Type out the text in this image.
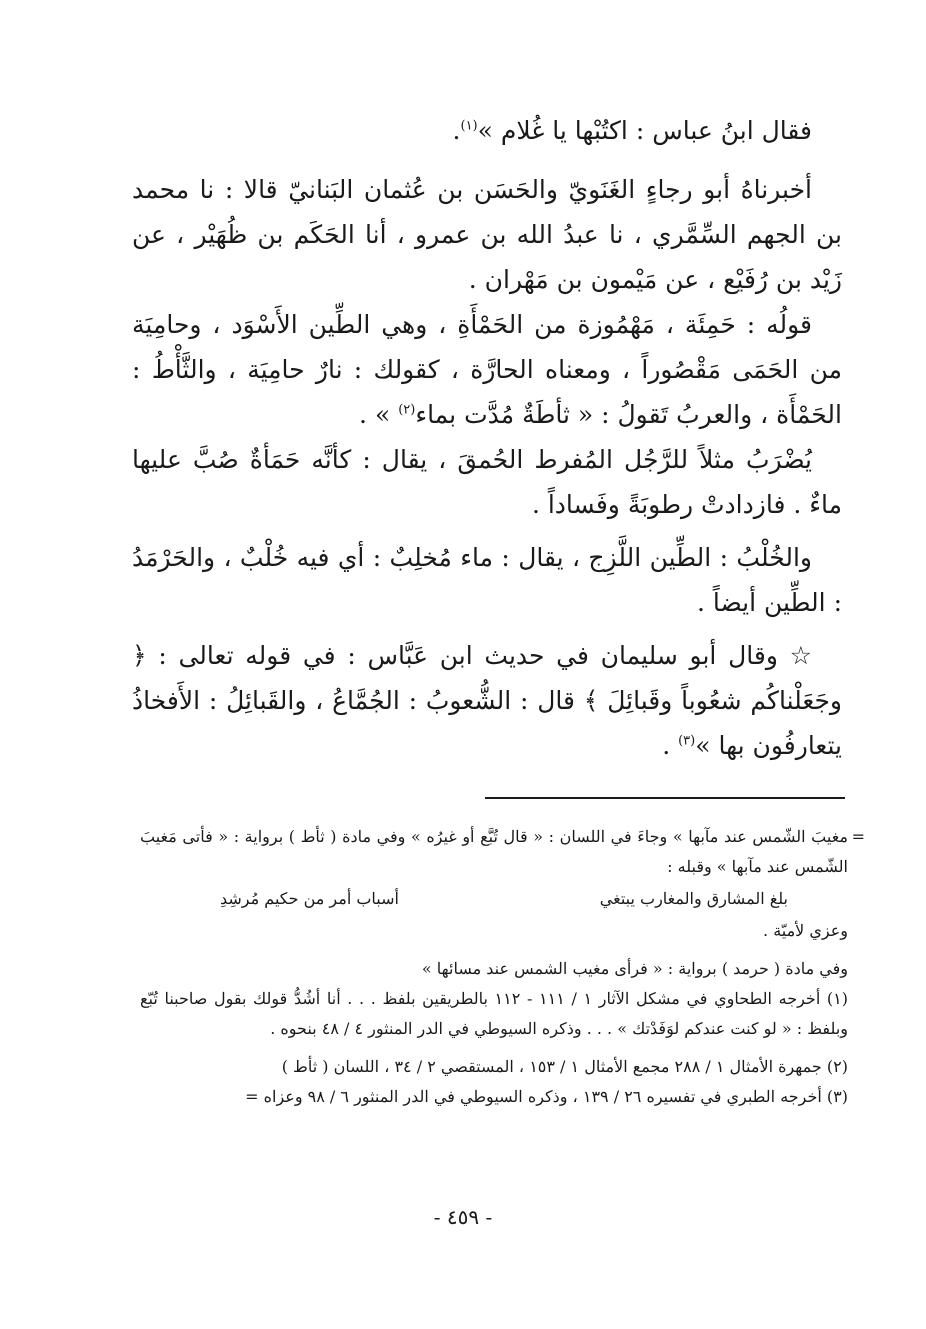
فقال ابنُ عباس : اكتُبْها يا غُلام »$^{(١)}$.

أخبرناهُ أبو رجاءٍ الغَنَويّ والحَسَن بن عُثمان البَنانيّ قالا : نا محمد بن الجهم السِّمَّري ، نا عبدُ الله بن عمرو ، أنا الحَكَم بن ظُهَيْر ، عن زَيْد بن رُفَيْع ، عن مَيْمون بن مَهْران .

قولُه : حَمِئَة ، مَهْمُوزة من الحَمْأَةِ ، وهي الطِّين الأَسْوَد ، وحامِيَة من الحَمَى مَقْصُوراً ، ومعناه الحارَّة ، كقولك : نارٌ حامِيَة ، والثَّأْطُ : الحَمْأَة ، والعربُ تَقولُ : « ثأطَةٌ مُدَّت بماء$^{(٢)}$ » .

يُضْرَبُ مثلاً للرَّجُل المُفرط الحُمقَ ، يقال : كأنَّه حَمَأةٌ صُبَّ عليها ماءٌ . فازدادتْ رطوبَةً وفَساداً .

والخُلْبُ : الطِّين اللَّزِج ، يقال : ماء مُخلِبٌ : أي فيه خُلْبٌ ، والحَرْمَدُ : الطِّين أيضاً .

☆ وقال أبو سليمان في حديث ابن عَبَّاس : في قوله تعالى : ﴿ وجَعَلْناكُم شعُوباً وقَبائِلَ ﴾ قال : الشُّعوبُ : الجُمَّاعُ ، والقَبائِلُ : الأَفخاذُ يتعارفُون بها »$^{(٣)}$ .

=
مغيبَ الشّمس عند مآبها » وجاءَ في اللسان : « قال تُبَّع أو غيرُه » وفي مادة ( ثأط ) برواية : « فأتى مَغيبَ الشّمس عند مآبها » وقبله :

بلغ المشارق والمغارب يبتغي
أسباب أمر من حكيم مُرشِدِ

وعزي لأميّة .

وفي مادة ( حرمد ) برواية : « فرأى مغيب الشمس عند مسائها »

(١) أخرجه الطحاوي في مشكل الآثار ١ / ١١١ - ١١٢ بالطريقين بلفظ . . . أنا أشُدُّ قولك بقول صاحبنا تُبّع وبلفظ : « لو كنت عندكم لوَفَدْتك » . . . وذكره السيوطي في الدر المنثور ٤ / ٤٨ بنحوه .

(٢) جمهرة الأمثال ١ / ٢٨٨ مجمع الأمثال ١ / ١٥٣ ، المستقصي ٢ / ٣٤ ، اللسان ( ثأط )

(٣) أخرجه الطبري في تفسيره ٢٦ / ١٣٩ ، وذكره السيوطي في الدر المنثور ٦ / ٩٨ وعزاه =

- ٤٥٩ -
